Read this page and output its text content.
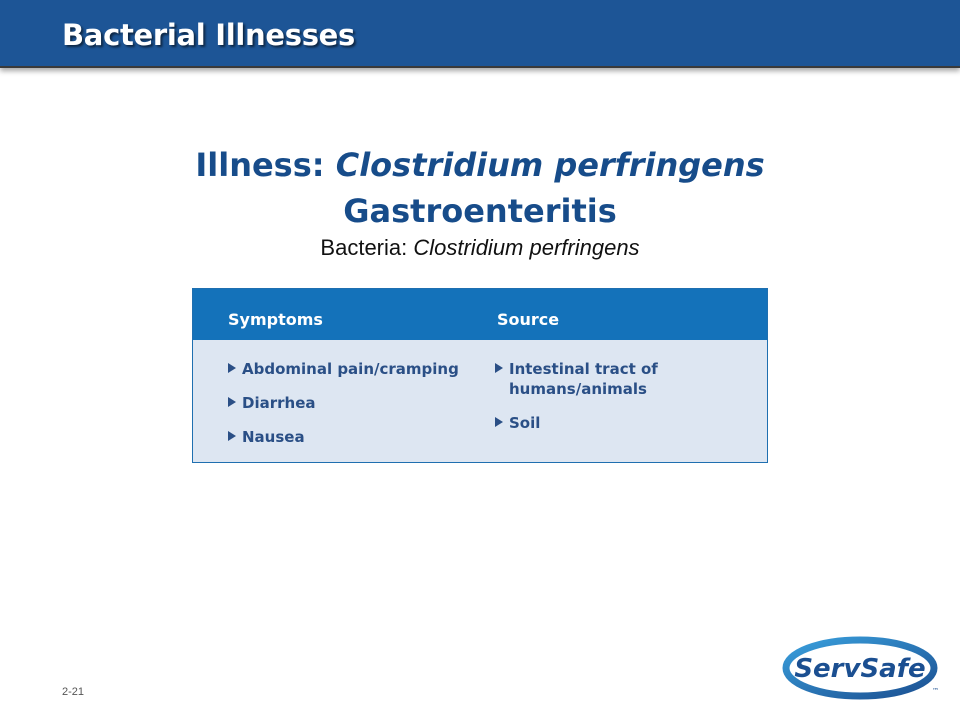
Bacterial Illnesses
Illness: Clostridium perfringens
Gastroenteritis
Bacteria: Clostridium perfringens
Symptoms	Source
Abdominal pain/cramping
Diarrhea
Nausea
Intestinal tract of
humans/animals
Soil
2-21
ServSafe
™
